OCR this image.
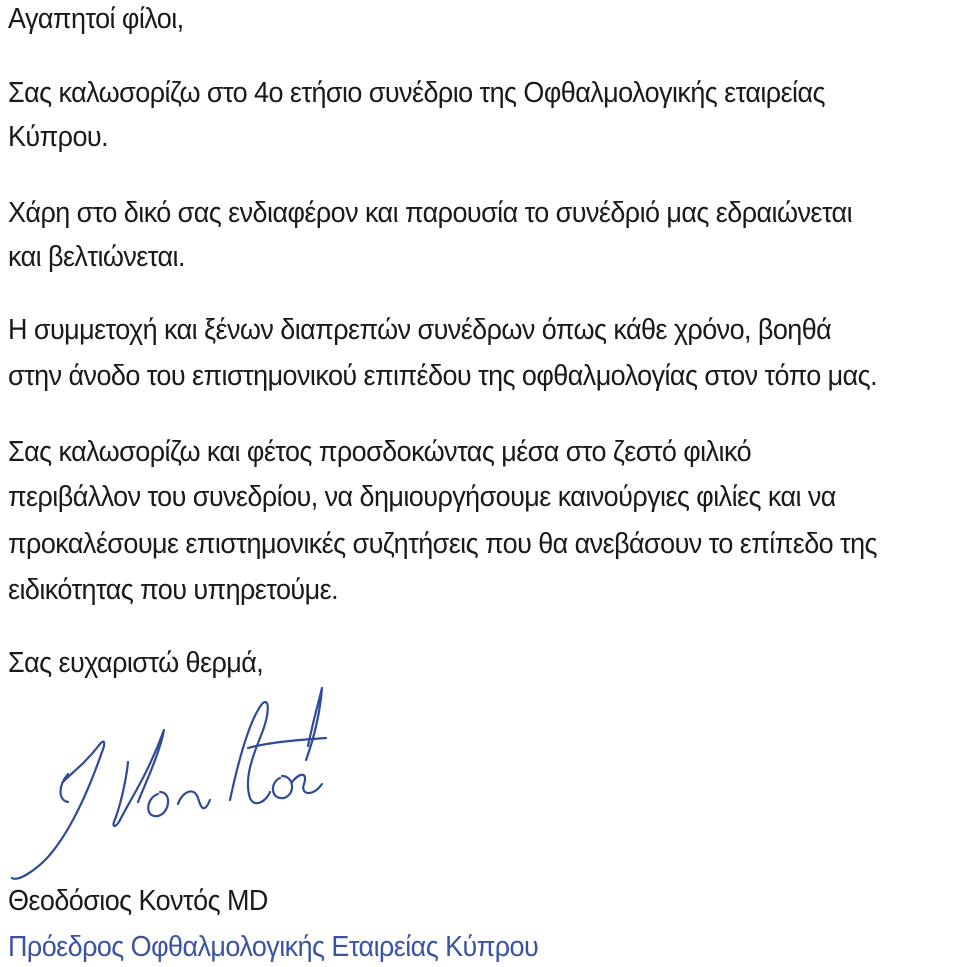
Αγαπητοί φίλοι,
Σας καλωσορίζω στο 4ο ετήσιο συνέδριο της Οφθαλμολογικής εταιρείας
Κύπρου.
Χάρη στο δικό σας ενδιαφέρον και παρουσία το συνέδριό μας εδραιώνεται
και βελτιώνεται.
Η συμμετοχή και ξένων διαπρεπών συνέδρων όπως κάθε χρόνο, βοηθά
στην άνοδο του επιστημονικού επιπέδου της οφθαλμολογίας στον τόπο μας.
Σας καλωσορίζω και φέτος προσδοκώντας μέσα στο ζεστό φιλικό
περιβάλλον του συνεδρίου, να δημιουργήσουμε καινούργιες φιλίες και να
προκαλέσουμε επιστημονικές συζητήσεις που θα ανεβάσουν το επίπεδο της
ειδικότητας που υπηρετούμε.
Σας ευχαριστώ θερμά,
Θεοδόσιος Κοντός MD
Πρόεδρος Οφθαλμολογικής Εταιρείας Κύπρου
